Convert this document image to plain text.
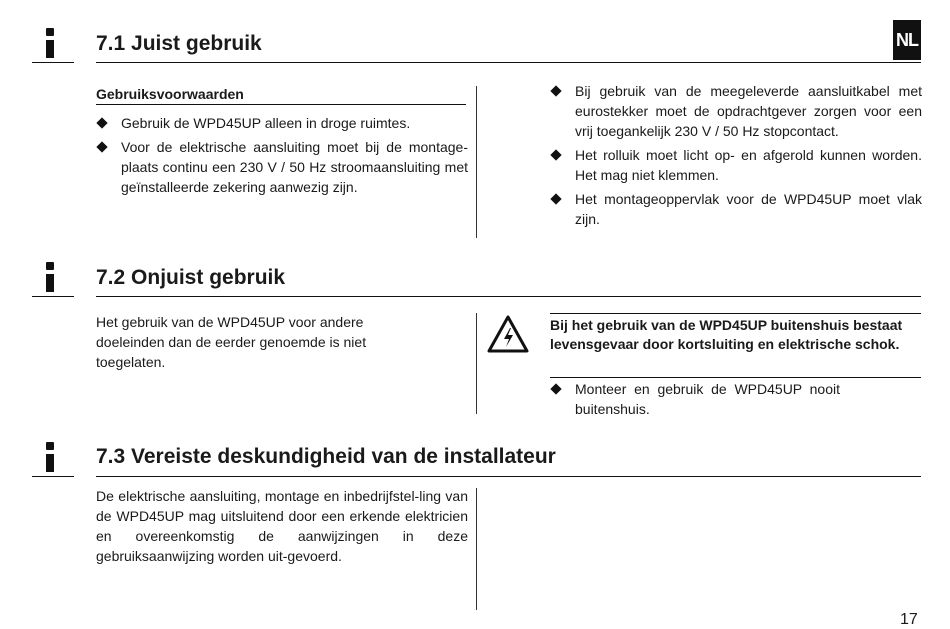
NL
7.1 Juist gebruik
Gebruiksvoorwaarden
Gebruik de WPD45UP alleen in droge ruimtes.
Voor de elektrische aansluiting moet bij de montage-plaats continu een 230 V / 50 Hz stroomaansluiting met geïnstalleerde zekering aanwezig zijn.
Bij gebruik van de meegeleverde aansluitkabel met eurostekker moet de opdrachtgever zorgen voor een vrij toegankelijk 230 V / 50 Hz stopcontact.
Het rolluik moet licht op- en afgerold kunnen worden. Het mag niet klemmen.
Het montageoppervlak voor de WPD45UP moet vlak zijn.
7.2 Onjuist gebruik

Het gebruik van de WPD45UP voor andere doeleinden dan de eerder genoemde is niet toegelaten.

Bij het gebruik van de WPD45UP buitenshuis bestaat levensgevaar door kortsluiting en elektrische schok.
Monteer en gebruik de WPD45UP nooit buitenshuis.
7.3 Vereiste deskundigheid van de installateur

De elektrische aansluiting, montage en inbedrijfstel-ling van de WPD45UP mag uitsluitend door een erkende elektricien en overeenkomstig de aanwijzingen in deze gebruiksaanwijzing worden uit-gevoerd.

17
